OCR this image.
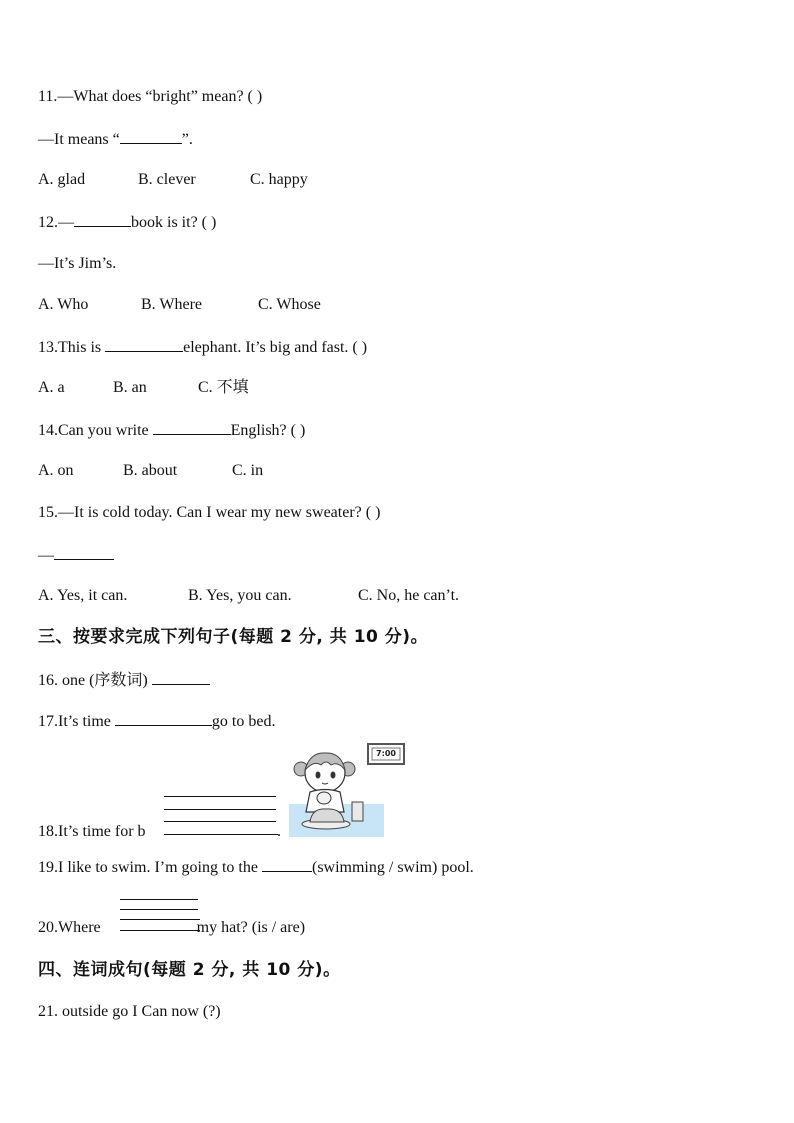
11.—What does “bright” mean? ( )
—It means “	”.
A. glad	B. clever	C. happy
12.—	book is it? ( )
—It’s Jim’s.
A. Who	B. Where	C. Whose
13.This is	elephant. It’s big and fast. ( )
A. a	B. an	C. 不填
14.Can you write	English? ( )
A. on	B. about	C. in
15.—It is cold today. Can I wear my new sweater? ( )
—
A. Yes, it can.	B. Yes, you can.	C. No, he can’t.
三、按要求完成下列句子(每题 2 分, 共 10 分)。
16. one (序数词)
17.It’s time	go to bed.
18.It’s time for b	.
7:00
19.I like to swim. I’m going to the	(swimming / swim) pool.
20.Where	my hat? (is / are)
四、连词成句(每题 2 分, 共 10 分)。
21. outside go I Can now (?)
